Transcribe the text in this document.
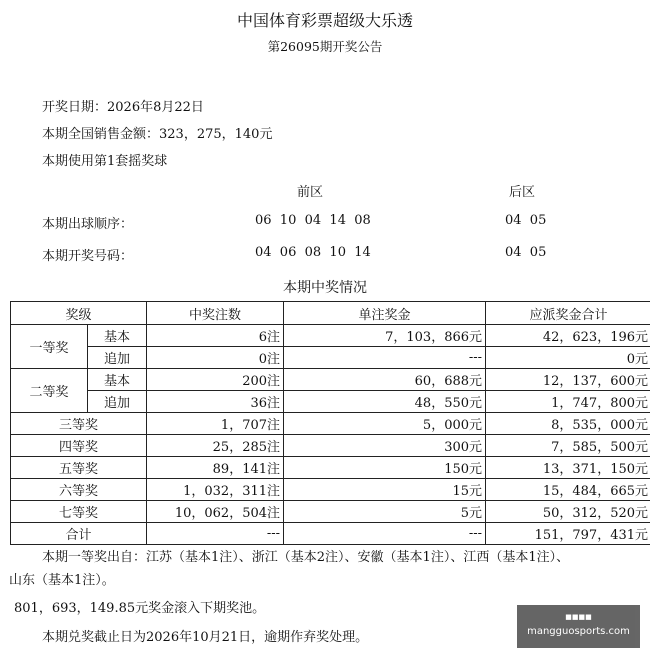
中国体育彩票超级大乐透
第26095期开奖公告
开奖日期：2026年8月22日
本期全国销售金额：323，275，140元
本期使用第1套摇奖球
前区	后区
本期出球顺序：	06  10  04  14  08	04  05
本期开奖号码：	04  06  08  10  14	04  05
本期中奖情况
奖级		中奖注数	单注奖金	应派奖金合计
一等奖	基本	6注	7，103，866元	42，623，196元
	追加	0注	---	0元
二等奖	基本	200注	60，688元	12，137，600元
	追加	36注	48，550元	1，747，800元
三等奖		1，707注	5，000元	8，535，000元
四等奖		25，285注	300元	7，585，500元
五等奖		89，141注	150元	13，371，150元
六等奖		1，032，311注	15元	15，484，665元
七等奖		10，062，504注	5元	50，312，520元
合计		---	---	151，797，431元
本期一等奖出自：江苏（基本1注）、浙江（基本2注）、安徽（基本1注）、江西（基本1注）、
山东（基本1注）。
801，693，149.85元奖金滚入下期奖池。
本期兑奖截止日为2026年10月21日，逾期作弃奖处理。
■■■■
mangguosports.com
